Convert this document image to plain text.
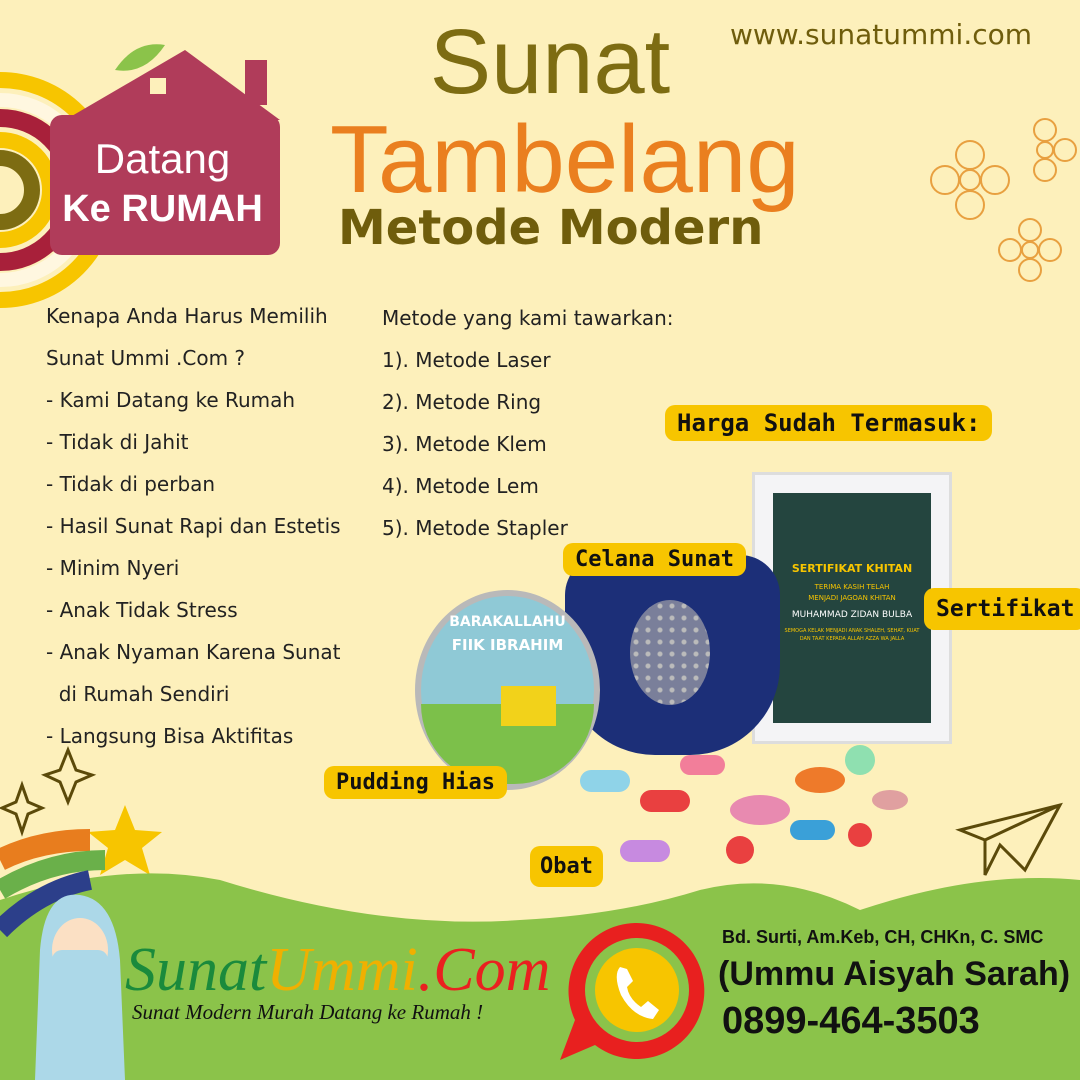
Datang
Ke RUMAH
Sunat
Tambelang
Metode Modern
www.sunatummi.com
Kenapa Anda Harus Memilih
Sunat Ummi .Com ?
- Kami Datang ke Rumah
- Tidak di Jahit
- Tidak di perban
- Hasil Sunat Rapi dan Estetis
- Minim Nyeri
- Anak Tidak Stress
- Anak Nyaman Karena Sunat
di Rumah Sendiri
- Langsung Bisa Aktifitas
Metode yang kami tawarkan:
1). Metode Laser
2). Metode Ring
3). Metode Klem
4). Metode Lem
5). Metode Stapler
Harga Sudah Termasuk:
SERTIFIKAT KHITAN
TERIMA KASIH TELAH
MENJADI JAGOAN KHITAN
MUHAMMAD ZIDAN BULBA
SEMOGA KELAK MENJADI ANAK SHALEH, SEHAT, KUAT DAN TAAT KEPADA ALLAH AZZA WA JALLA
BARAKALLAHU
FIIK IBRAHIM
Celana Sunat
Sertifikat
Pudding Hias
Obat
SunatUmmi.Com
Sunat Modern Murah Datang ke Rumah !
Bd. Surti, Am.Keb, CH, CHKn, C. SMC
(Ummu Aisyah Sarah)
0899-464-3503
